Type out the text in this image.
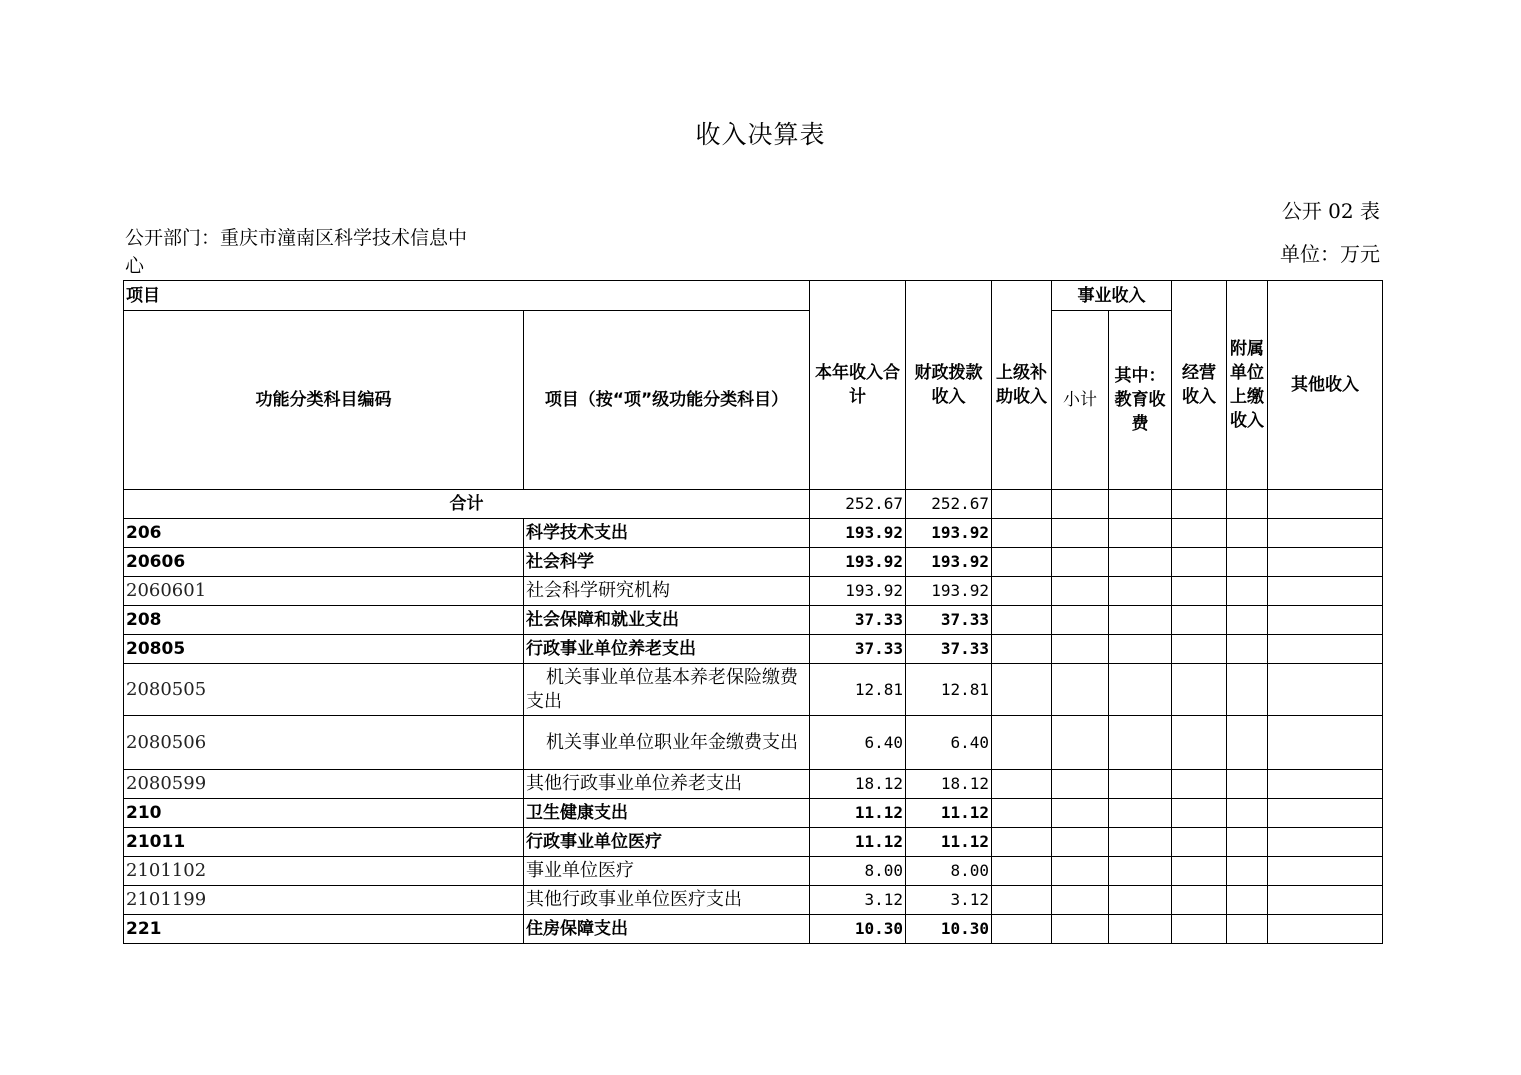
收入决算表
公开 02 表
公开部门：重庆市潼南区科学技术信息中心	单位：万元
项目		本年收入合计	财政拨款收入	上级补助收入	事业收入		经营收入	附属单位上缴收入	其他收入
功能分类科目编码	项目（按“项”级功能分类科目）				小计	其中：教育收费			
合计		252.67	252.67						
206	科学技术支出	193.92	193.92						
20606	社会科学	193.92	193.92						
2060601	社会科学研究机构	193.92	193.92						
208	社会保障和就业支出	37.33	37.33						
20805	行政事业单位养老支出	37.33	37.33						
2080505	机关事业单位基本养老保险缴费支出	12.81	12.81						
2080506	机关事业单位职业年金缴费支出	6.40	6.40						
2080599	其他行政事业单位养老支出	18.12	18.12						
210	卫生健康支出	11.12	11.12						
21011	行政事业单位医疗	11.12	11.12						
2101102	事业单位医疗	8.00	8.00						
2101199	其他行政事业单位医疗支出	3.12	3.12						
221	住房保障支出	10.30	10.30						
